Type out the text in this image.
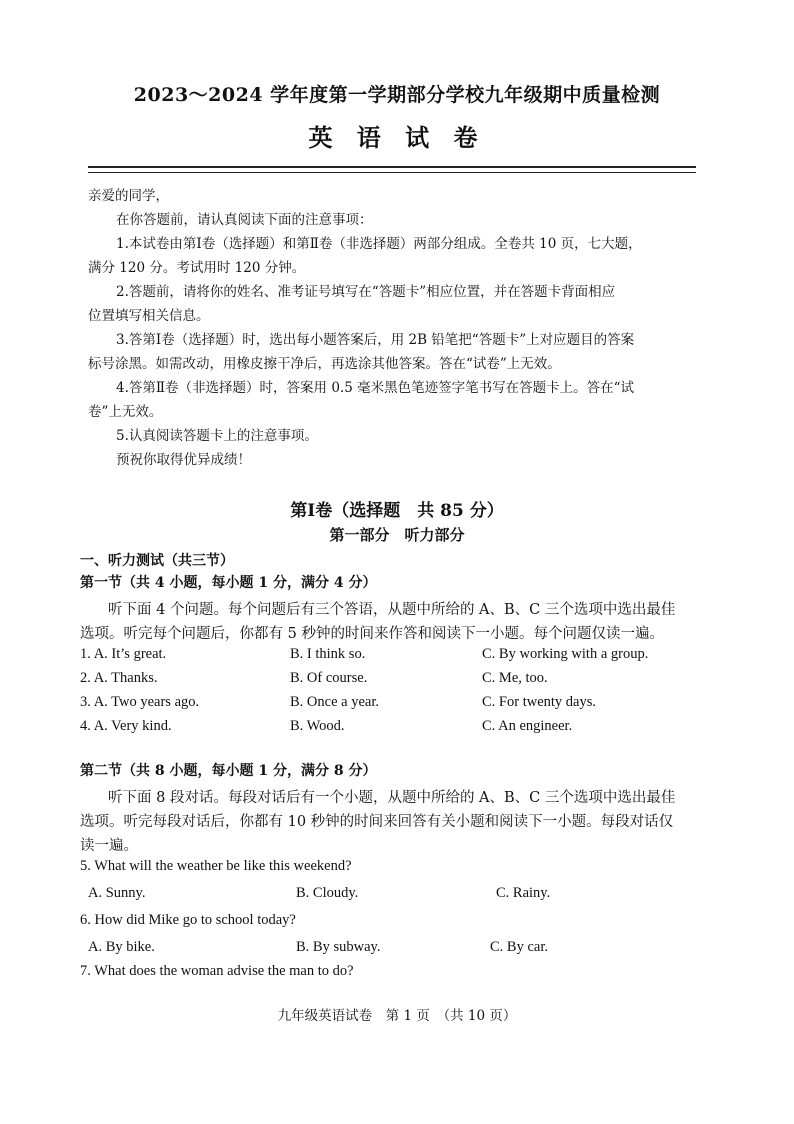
2023～2024 学年度第一学期部分学校九年级期中质量检测
英 语 试 卷
亲爱的同学，
在你答题前，请认真阅读下面的注意事项：
1.本试卷由第Ⅰ卷（选择题）和第Ⅱ卷（非选择题）两部分组成。全卷共 10 页，七大题，
满分 120 分。考试用时 120 分钟。
2.答题前，请将你的姓名、准考证号填写在“答题卡”相应位置，并在答题卡背面相应
位置填写相关信息。
3.答第Ⅰ卷（选择题）时，选出每小题答案后，用 2B 铅笔把“答题卡”上对应题目的答案
标号涂黑。如需改动，用橡皮擦干净后，再选涂其他答案。答在“试卷”上无效。
4.答第Ⅱ卷（非选择题）时，答案用 0.5 毫米黑色笔迹签字笔书写在答题卡上。答在“试
卷”上无效。
5.认真阅读答题卡上的注意事项。
预祝你取得优异成绩！
第Ⅰ卷（选择题　共 85 分）
第一部分　听力部分
一、听力测试（共三节）
第一节（共 4 小题，每小题 1 分，满分 4 分）
听下面 4 个问题。每个问题后有三个答语，从题中所给的 A、B、C 三个选项中选出最佳
选项。听完每个问题后，你都有 5 秒钟的时间来作答和阅读下一小题。每个问题仅读一遍。
1. A. It’s great.	B. I think so.	C. By working with a group.
2. A. Thanks.	B. Of course.	C. Me, too.
3. A. Two years ago.	B. Once a year.	C. For twenty days.
4. A. Very kind.	B. Wood.	C. An engineer.
第二节（共 8 小题，每小题 1 分，满分 8 分）
听下面 8 段对话。每段对话后有一个小题，从题中所给的 A、B、C 三个选项中选出最佳
选项。听完每段对话后，你都有 10 秒钟的时间来回答有关小题和阅读下一小题。每段对话仅
读一遍。
5. What will the weather be like this weekend?
A. Sunny.	B. Cloudy.	C. Rainy.
6. How did Mike go to school today?
A. By bike.	B. By subway.	C. By car.
7. What does the woman advise the man to do?
九年级英语试卷　第 1 页　（共 10 页）
